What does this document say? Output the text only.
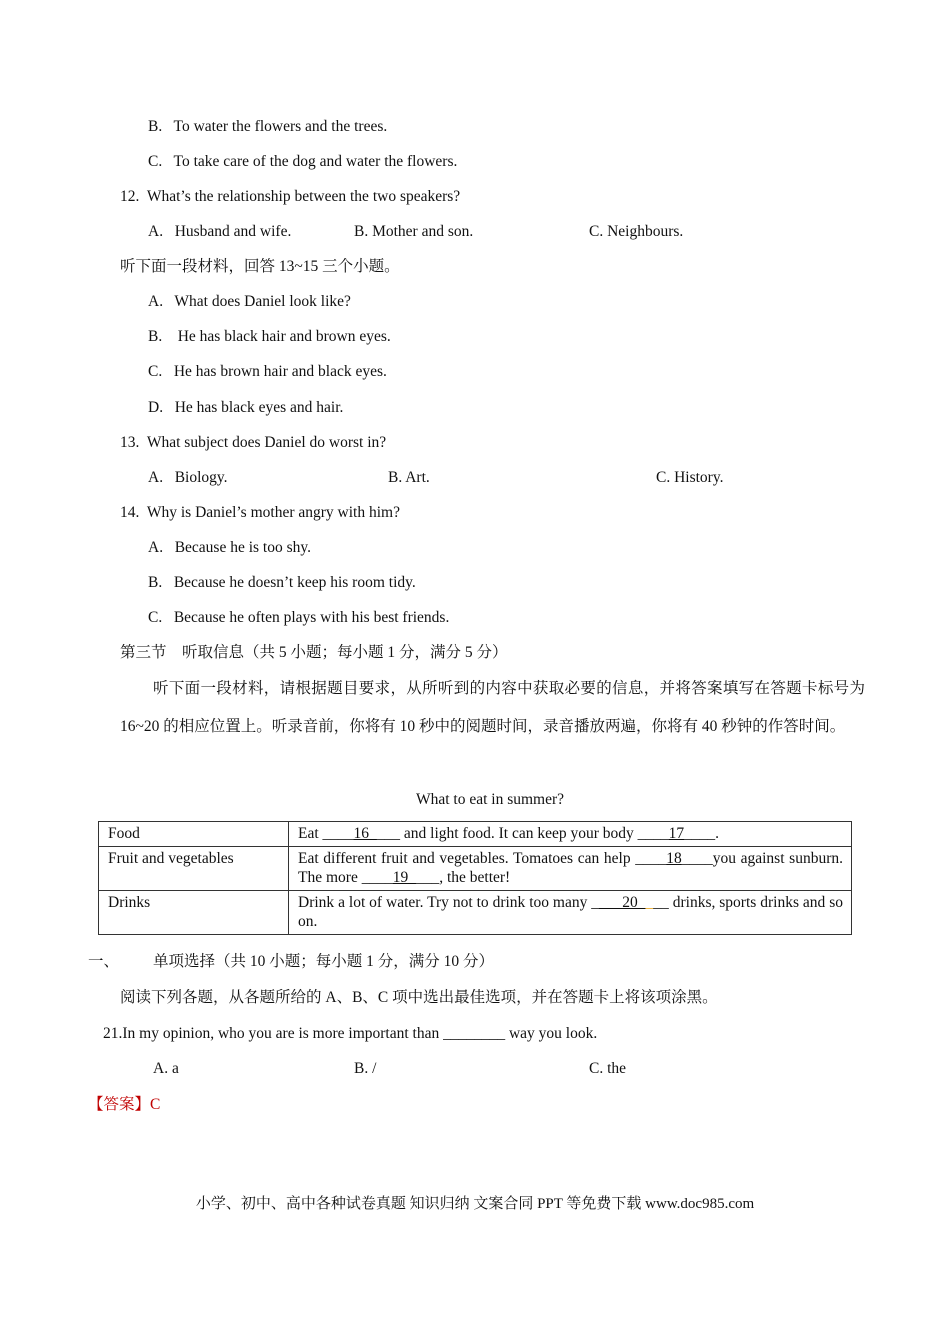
B.   To water the flowers and the trees.
C.   To take care of the dog and water the flowers.
12.  What’s the relationship between the two speakers?
A.   Husband and wife.	B. Mother and son.	C. Neighbours.
听下面一段材料，回答 13~15 三个小题。
A.   What does Daniel look like?
B.    He has black hair and brown eyes.
C.   He has brown hair and black eyes.
D.   He has black eyes and hair.
13.  What subject does Daniel do worst in?
A.   Biology.	B. Art.	C. History.
14.  Why is Daniel’s mother angry with him?
A.   Because he is too shy.
B.   Because he doesn’t keep his room tidy.
C.   Because he often plays with his best friends.
第三节    听取信息（共 5 小题；每小题 1 分，满分 5 分）
听下面一段材料，请根据题目要求，从所听到的内容中获取必要的信息，并将答案填写在答题卡标号为 16~20 的相应位置上。听录音前，你将有 10 秒中的阅题时间，录音播放两遍，你将有 40 秒钟的作答时间。
What to eat in summer?
Food	Eat ____16____ and light food. It can keep your body ____17____.
Fruit and vegetables	Eat different fruit and vegetables. Tomatoes can help ____18____you against sunburn. The more ____19____, the better!
Drinks	Drink a lot of water. Try not to drink too many ____20____ drinks, sports drinks and so on.
一、 单项选择（共 10 小题；每小题 1 分，满分 10 分）
阅读下列各题，从各题所给的 A、B、C 项中选出最佳选项，并在答题卡上将该项涂黑。
21.In my opinion, who you are is more important than ________ way you look.
A. a	B. /	C. the
【答案】C
小学、初中、高中各种试卷真题 知识归纳 文案合同 PPT 等免费下载 www.doc985.com
